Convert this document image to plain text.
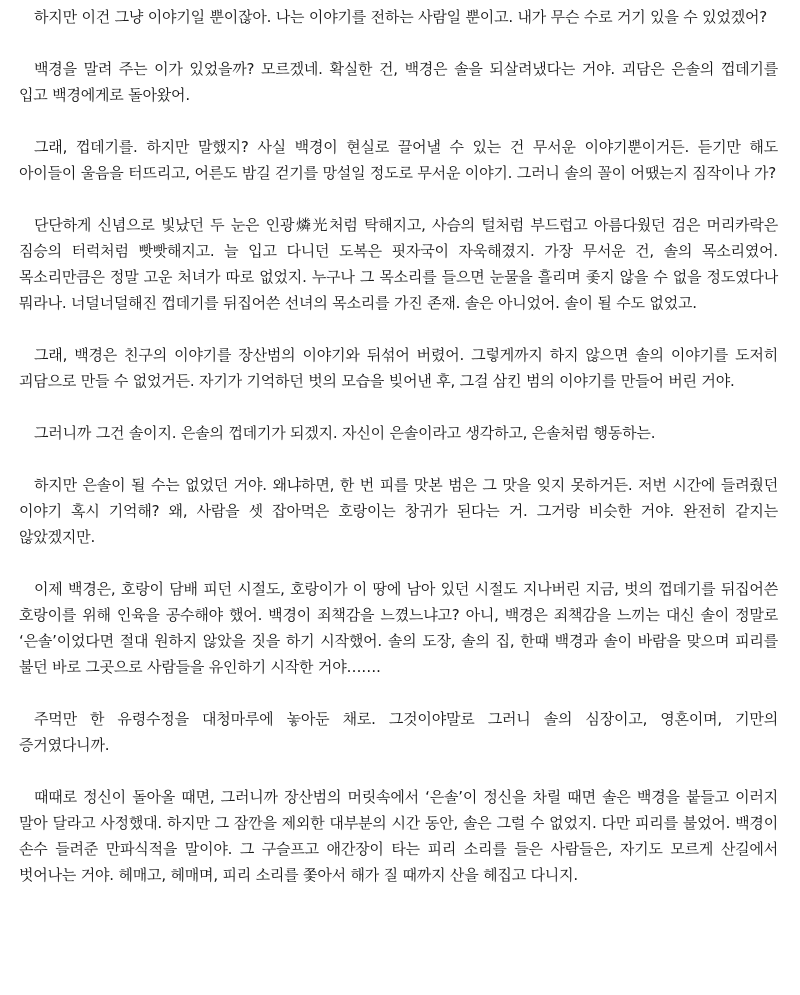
하지만 이건 그냥 이야기일 뿐이잖아. 나는 이야기를 전하는 사람일 뿐이고. 내가 무슨 수로 거기 있을 수 있었겠어?

백경을 말려 주는 이가 있었을까? 모르겠네. 확실한 건, 백경은 솔을 되살려냈다는 거야. 괴담은 은솔의 껍데기를 입고 백경에게로 돌아왔어.

그래, 껍데기를. 하지만 말했지? 사실 백경이 현실로 끌어낼 수 있는 건 무서운 이야기뿐이거든. 듣기만 해도 아이들이 울음을 터뜨리고, 어른도 밤길 걷기를 망설일 정도로 무서운 이야기. 그러니 솔의 꼴이 어땠는지 짐작이나 가?

단단하게 신념으로 빛났던 두 눈은 인광燐光처럼 탁해지고, 사슴의 털처럼 부드럽고 아름다웠던 검은 머리카락은 짐승의 터럭처럼 빳빳해지고. 늘 입고 다니던 도복은 핏자국이 자욱해졌지. 가장 무서운 건, 솔의 목소리였어. 목소리만큼은 정말 고운 처녀가 따로 없었지. 누구나 그 목소리를 들으면 눈물을 흘리며 좇지 않을 수 없을 정도였다나 뭐라나. 너덜너덜해진 껍데기를 뒤집어쓴 선녀의 목소리를 가진 존재. 솔은 아니었어. 솔이 될 수도 없었고.

그래, 백경은 친구의 이야기를 장산범의 이야기와 뒤섞어 버렸어. 그렇게까지 하지 않으면 솔의 이야기를 도저히 괴담으로 만들 수 없었거든. 자기가 기억하던 벗의 모습을 빚어낸 후, 그걸 삼킨 범의 이야기를 만들어 버린 거야.

그러니까 그건 솔이지. 은솔의 껍데기가 되겠지. 자신이 은솔이라고 생각하고, 은솔처럼 행동하는.

하지만 은솔이 될 수는 없었던 거야. 왜냐하면, 한 번 피를 맛본 범은 그 맛을 잊지 못하거든. 저번 시간에 들려줬던 이야기 혹시 기억해? 왜, 사람을 셋 잡아먹은 호랑이는 창귀가 된다는 거. 그거랑 비슷한 거야. 완전히 같지는 않았겠지만.

이제 백경은, 호랑이 담배 피던 시절도, 호랑이가 이 땅에 남아 있던 시절도 지나버린 지금, 벗의 껍데기를 뒤집어쓴 호랑이를 위해 인육을 공수해야 했어. 백경이 죄책감을 느꼈느냐고? 아니, 백경은 죄책감을 느끼는 대신 솔이 정말로 ‘은솔’이었다면 절대 원하지 않았을 짓을 하기 시작했어. 솔의 도장, 솔의 집, 한때 백경과 솔이 바람을 맞으며 피리를 불던 바로 그곳으로 사람들을 유인하기 시작한 거야…….

주먹만 한 유령수정을 대청마루에 놓아둔 채로. 그것이야말로 그러니 솔의 심장이고, 영혼이며, 기만의 증거였다니까.

때때로 정신이 돌아올 때면, 그러니까 장산범의 머릿속에서 ‘은솔’이 정신을 차릴 때면 솔은 백경을 붙들고 이러지 말아 달라고 사정했대. 하지만 그 잠깐을 제외한 대부분의 시간 동안, 솔은 그럴 수 없었지. 다만 피리를 불었어. 백경이 손수 들려준 만파식적을 말이야. 그 구슬프고 애간장이 타는 피리 소리를 들은 사람들은, 자기도 모르게 산길에서 벗어나는 거야. 헤매고, 헤매며, 피리 소리를 쫓아서 해가 질 때까지 산을 헤집고 다니지.
